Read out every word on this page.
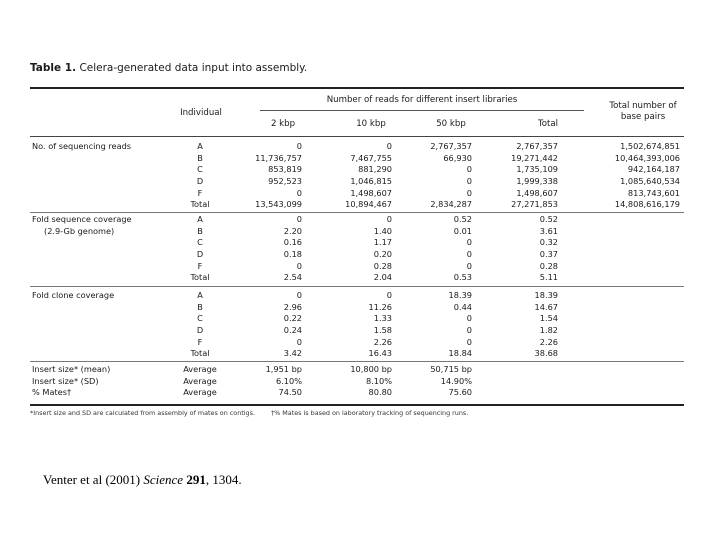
Table 1. Celera-generated data input into assembly.
Individual
Number of reads for different insert libraries
2 kbp	10 kbp	50 kbp	Total
Total number of base pairs
No. of sequencing reads	A	0	0	2,767,357	2,767,357	1,502,674,851
B	11,736,757	7,467,755	66,930	19,271,442	10,464,393,006
C	853,819	881,290	0	1,735,109	942,164,187
D	952,523	1,046,815	0	1,999,338	1,085,640,534
F	0	1,498,607	0	1,498,607	813,743,601
Total	13,543,099	10,894,467	2,834,287	27,271,853	14,808,616,179
Fold sequence coverage	A	0	0	0.52	0.52
(2.9-Gb genome)	B	2.20	1.40	0.01	3.61
C	0.16	1.17	0	0.32
D	0.18	0.20	0	0.37
F	0	0.28	0	0.28
Total	2.54	2.04	0.53	5.11
Fold clone coverage	A	0	0	18.39	18.39
B	2.96	11.26	0.44	14.67
C	0.22	1.33	0	1.54
D	0.24	1.58	0	1.82
F	0	2.26	0	2.26
Total	3.42	16.43	18.84	38.68
Insert size* (mean)	Average	1,951 bp	10,800 bp	50,715 bp
Insert size* (SD)	Average	6.10%	8.10%	14.90%
% Mates†	Average	74.50	80.80	75.60
*Insert size and SD are calculated from assembly of mates on contigs.	†% Mates is based on laboratory tracking of sequencing runs.
Venter et al (2001) Science 291, 1304.
